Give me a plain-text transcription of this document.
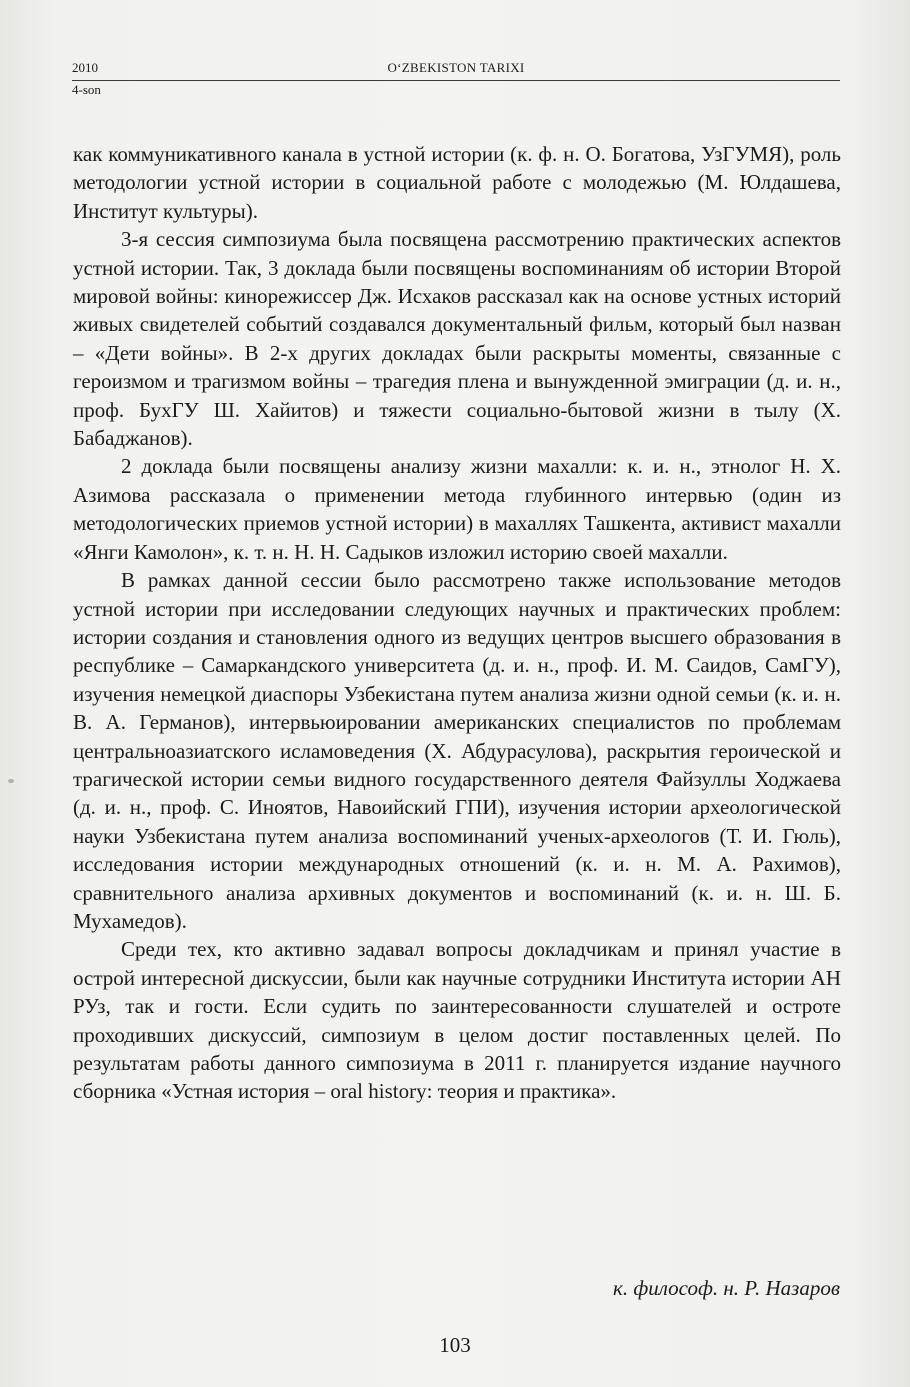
2010	O‘ZBEKISTON TARIXI
4-son

как коммуникативного канала в устной истории (к. ф. н. О. Богатова, УзГУМЯ), роль методологии устной истории в социальной работе с молодежью (М. Юлдашева, Институт культуры).

3-я сессия симпозиума была посвящена рассмотрению практических аспектов устной истории. Так, 3 доклада были посвящены воспоминаниям об истории Второй мировой войны: кинорежиссер Дж. Исхаков рассказал как на основе устных историй живых свидетелей событий создавался документальный фильм, который был назван – «Дети войны». В 2-х других докладах были раскрыты моменты, связанные с героизмом и трагизмом войны – трагедия плена и вынужденной эмиграции (д. и. н., проф. БухГУ Ш. Хайитов) и тяжести социально-бытовой жизни в тылу (Х. Бабаджанов).

2 доклада были посвящены анализу жизни махалли: к. и. н., этнолог Н. Х. Азимова рассказала о применении метода глубинного интервью (один из методологических приемов устной истории) в махаллях Ташкента, активист махалли «Янги Камолон», к. т. н. Н. Н. Садыков изложил историю своей махалли.

В рамках данной сессии было рассмотрено также использование методов устной истории при исследовании следующих научных и практических проблем: истории создания и становления одного из ведущих центров высшего образования в республике – Самаркандского университета (д. и. н., проф. И. М. Саидов, СамГУ), изучения немецкой диаспоры Узбекистана путем анализа жизни одной семьи (к. и. н. В. А. Германов), интервьюировании американских специалистов по проблемам центральноазиатского исламоведения (Х. Абдурасулова), раскрытия героической и трагической истории семьи видного государственного деятеля Файзуллы Ходжаева (д. и. н., проф. С. Иноятов, Навоийский ГПИ), изучения истории археологической науки Узбекистана путем анализа воспоминаний ученых-археологов (Т. И. Гюль), исследования истории международных отношений (к. и. н. М. А. Рахимов), сравнительного анализа архивных документов и воспоминаний (к. и. н. Ш. Б. Мухамедов).

Среди тех, кто активно задавал вопросы докладчикам и принял участие в острой интересной дискуссии, были как научные сотрудники Института истории АН РУз, так и гости. Если судить по заинтересованности слушателей и остроте проходивших дискуссий, симпозиум в целом достиг поставленных целей. По результатам работы данного симпозиума в 2011 г. планируется издание научного сборника «Устная история – oral history: теория и практика».

к. философ. н. Р. Назаров
103
